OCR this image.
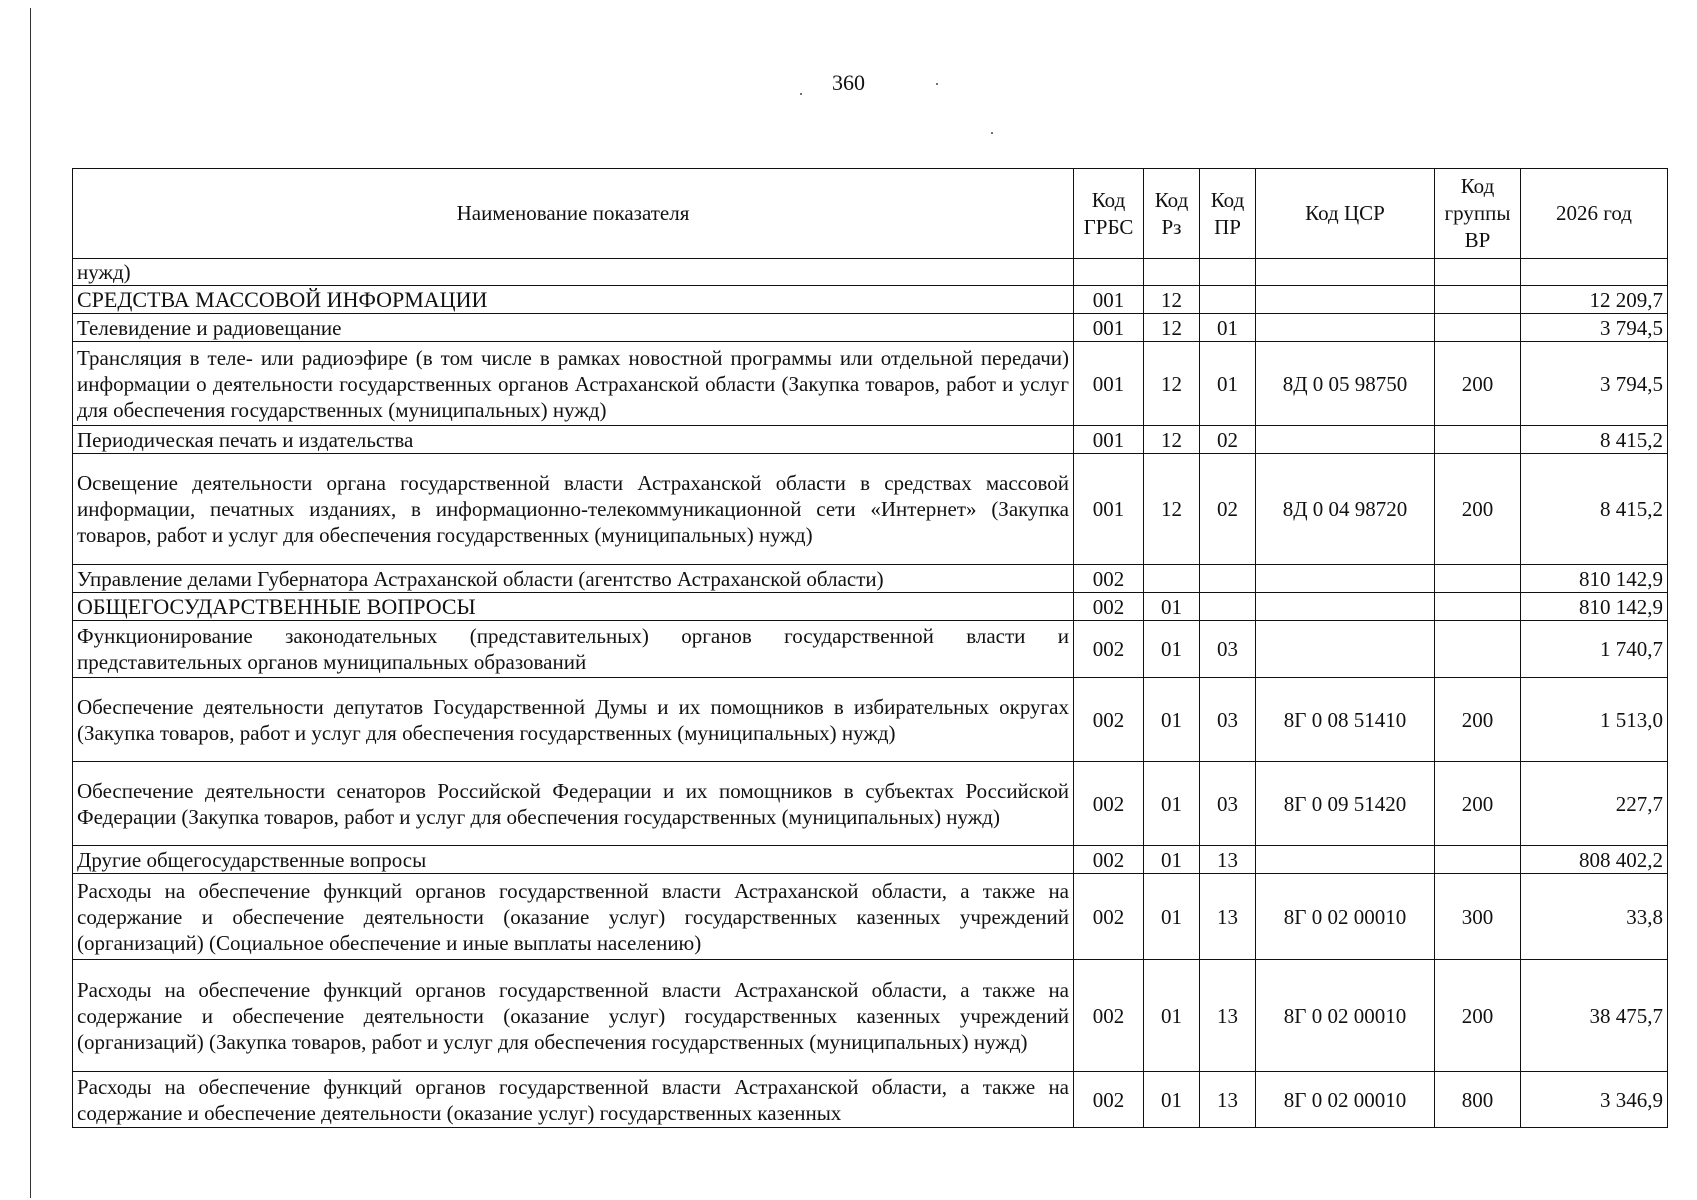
360
Наименование показателя	Код ГРБС	Код Рз	Код ПР	Код ЦСР	Код группы ВР	2026 год
нужд)						
СРЕДСТВА МАССОВОЙ ИНФОРМАЦИИ	001	12				12 209,7
Телевидение и радиовещание	001	12	01			3 794,5
Трансляция в теле- или радиоэфире (в том числе в рамках новостной программы или отдельной передачи) информации о деятельности государственных органов Астраханской области (Закупка товаров, работ и услуг для обеспечения государственных (муниципальных) нужд)	001	12	01	8Д 0 05 98750	200	3 794,5
Периодическая печать и издательства	001	12	02			8 415,2
Освещение деятельности органа государственной власти Астраханской области в средствах массовой информации, печатных изданиях, в информационно-телекоммуникационной сети «Интернет» (Закупка товаров, работ и услуг для обеспечения государственных (муниципальных) нужд)	001	12	02	8Д 0 04 98720	200	8 415,2
Управление делами Губернатора Астраханской области (агентство Астраханской области)	002					810 142,9
ОБЩЕГОСУДАРСТВЕННЫЕ ВОПРОСЫ	002	01				810 142,9
Функционирование законодательных (представительных) органов государственной власти и представительных органов муниципальных образований	002	01	03			1 740,7
Обеспечение деятельности депутатов Государственной Думы и их помощников в избирательных округах (Закупка товаров, работ и услуг для обеспечения государственных (муниципальных) нужд)	002	01	03	8Г 0 08 51410	200	1 513,0
Обеспечение деятельности сенаторов Российской Федерации и их помощников в субъектах Российской Федерации (Закупка товаров, работ и услуг для обеспечения государственных (муниципальных) нужд)	002	01	03	8Г 0 09 51420	200	227,7
Другие общегосударственные вопросы	002	01	13			808 402,2
Расходы на обеспечение функций органов государственной власти Астраханской области, а также на содержание и обеспечение деятельности (оказание услуг) государственных казенных учреждений (организаций) (Социальное обеспечение и иные выплаты населению)	002	01	13	8Г 0 02 00010	300	33,8
Расходы на обеспечение функций органов государственной власти Астраханской области, а также на содержание и обеспечение деятельности (оказание услуг) государственных казенных учреждений (организаций) (Закупка товаров, работ и услуг для обеспечения государственных (муниципальных) нужд)	002	01	13	8Г 0 02 00010	200	38 475,7
Расходы на обеспечение функций органов государственной власти Астраханской области, а также на содержание и обеспечение деятельности (оказание услуг) государственных казенных	002	01	13	8Г 0 02 00010	800	3 346,9
